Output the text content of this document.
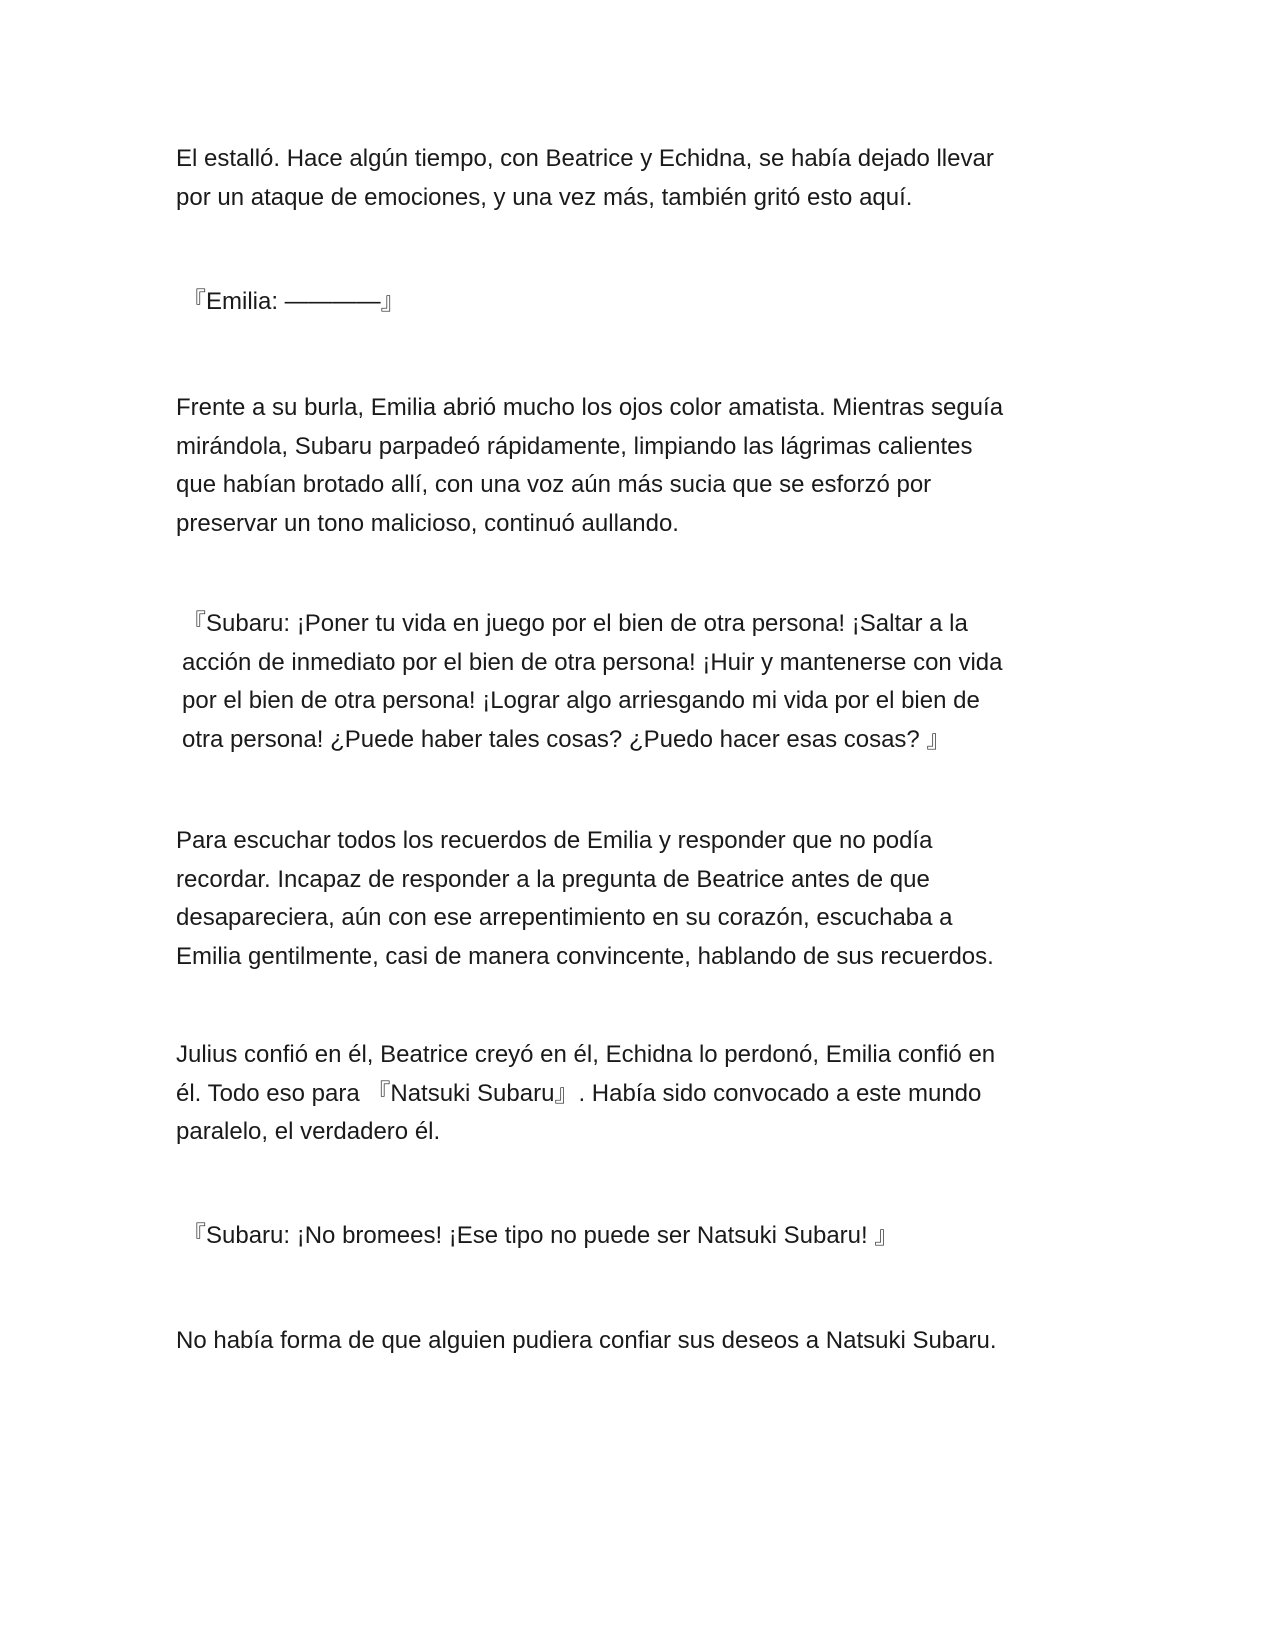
El estalló. Hace algún tiempo, con Beatrice y Echidna, se había dejado llevar
por un ataque de emociones, y una vez más, también gritó esto aquí.

『Emilia: ————』

Frente a su burla, Emilia abrió mucho los ojos color amatista. Mientras seguía
mirándola, Subaru parpadeó rápidamente, limpiando las lágrimas calientes
que habían brotado allí, con una voz aún más sucia que se esforzó por
preservar un tono malicioso, continuó aullando.

『Subaru: ¡Poner tu vida en juego por el bien de otra persona! ¡Saltar a la
acción de inmediato por el bien de otra persona! ¡Huir y mantenerse con vida
por el bien de otra persona! ¡Lograr algo arriesgando mi vida por el bien de
otra persona! ¿Puede haber tales cosas? ¿Puedo hacer esas cosas? 』

Para escuchar todos los recuerdos de Emilia y responder que no podía
recordar. Incapaz de responder a la pregunta de Beatrice antes de que
desapareciera, aún con ese arrepentimiento en su corazón, escuchaba a
Emilia gentilmente, casi de manera convincente, hablando de sus recuerdos.

Julius confió en él, Beatrice creyó en él, Echidna lo perdonó, Emilia confió en
él. Todo eso para 『Natsuki Subaru』. Había sido convocado a este mundo
paralelo, el verdadero él.

『Subaru: ¡No bromees! ¡Ese tipo no puede ser Natsuki Subaru! 』

No había forma de que alguien pudiera confiar sus deseos a Natsuki Subaru.
